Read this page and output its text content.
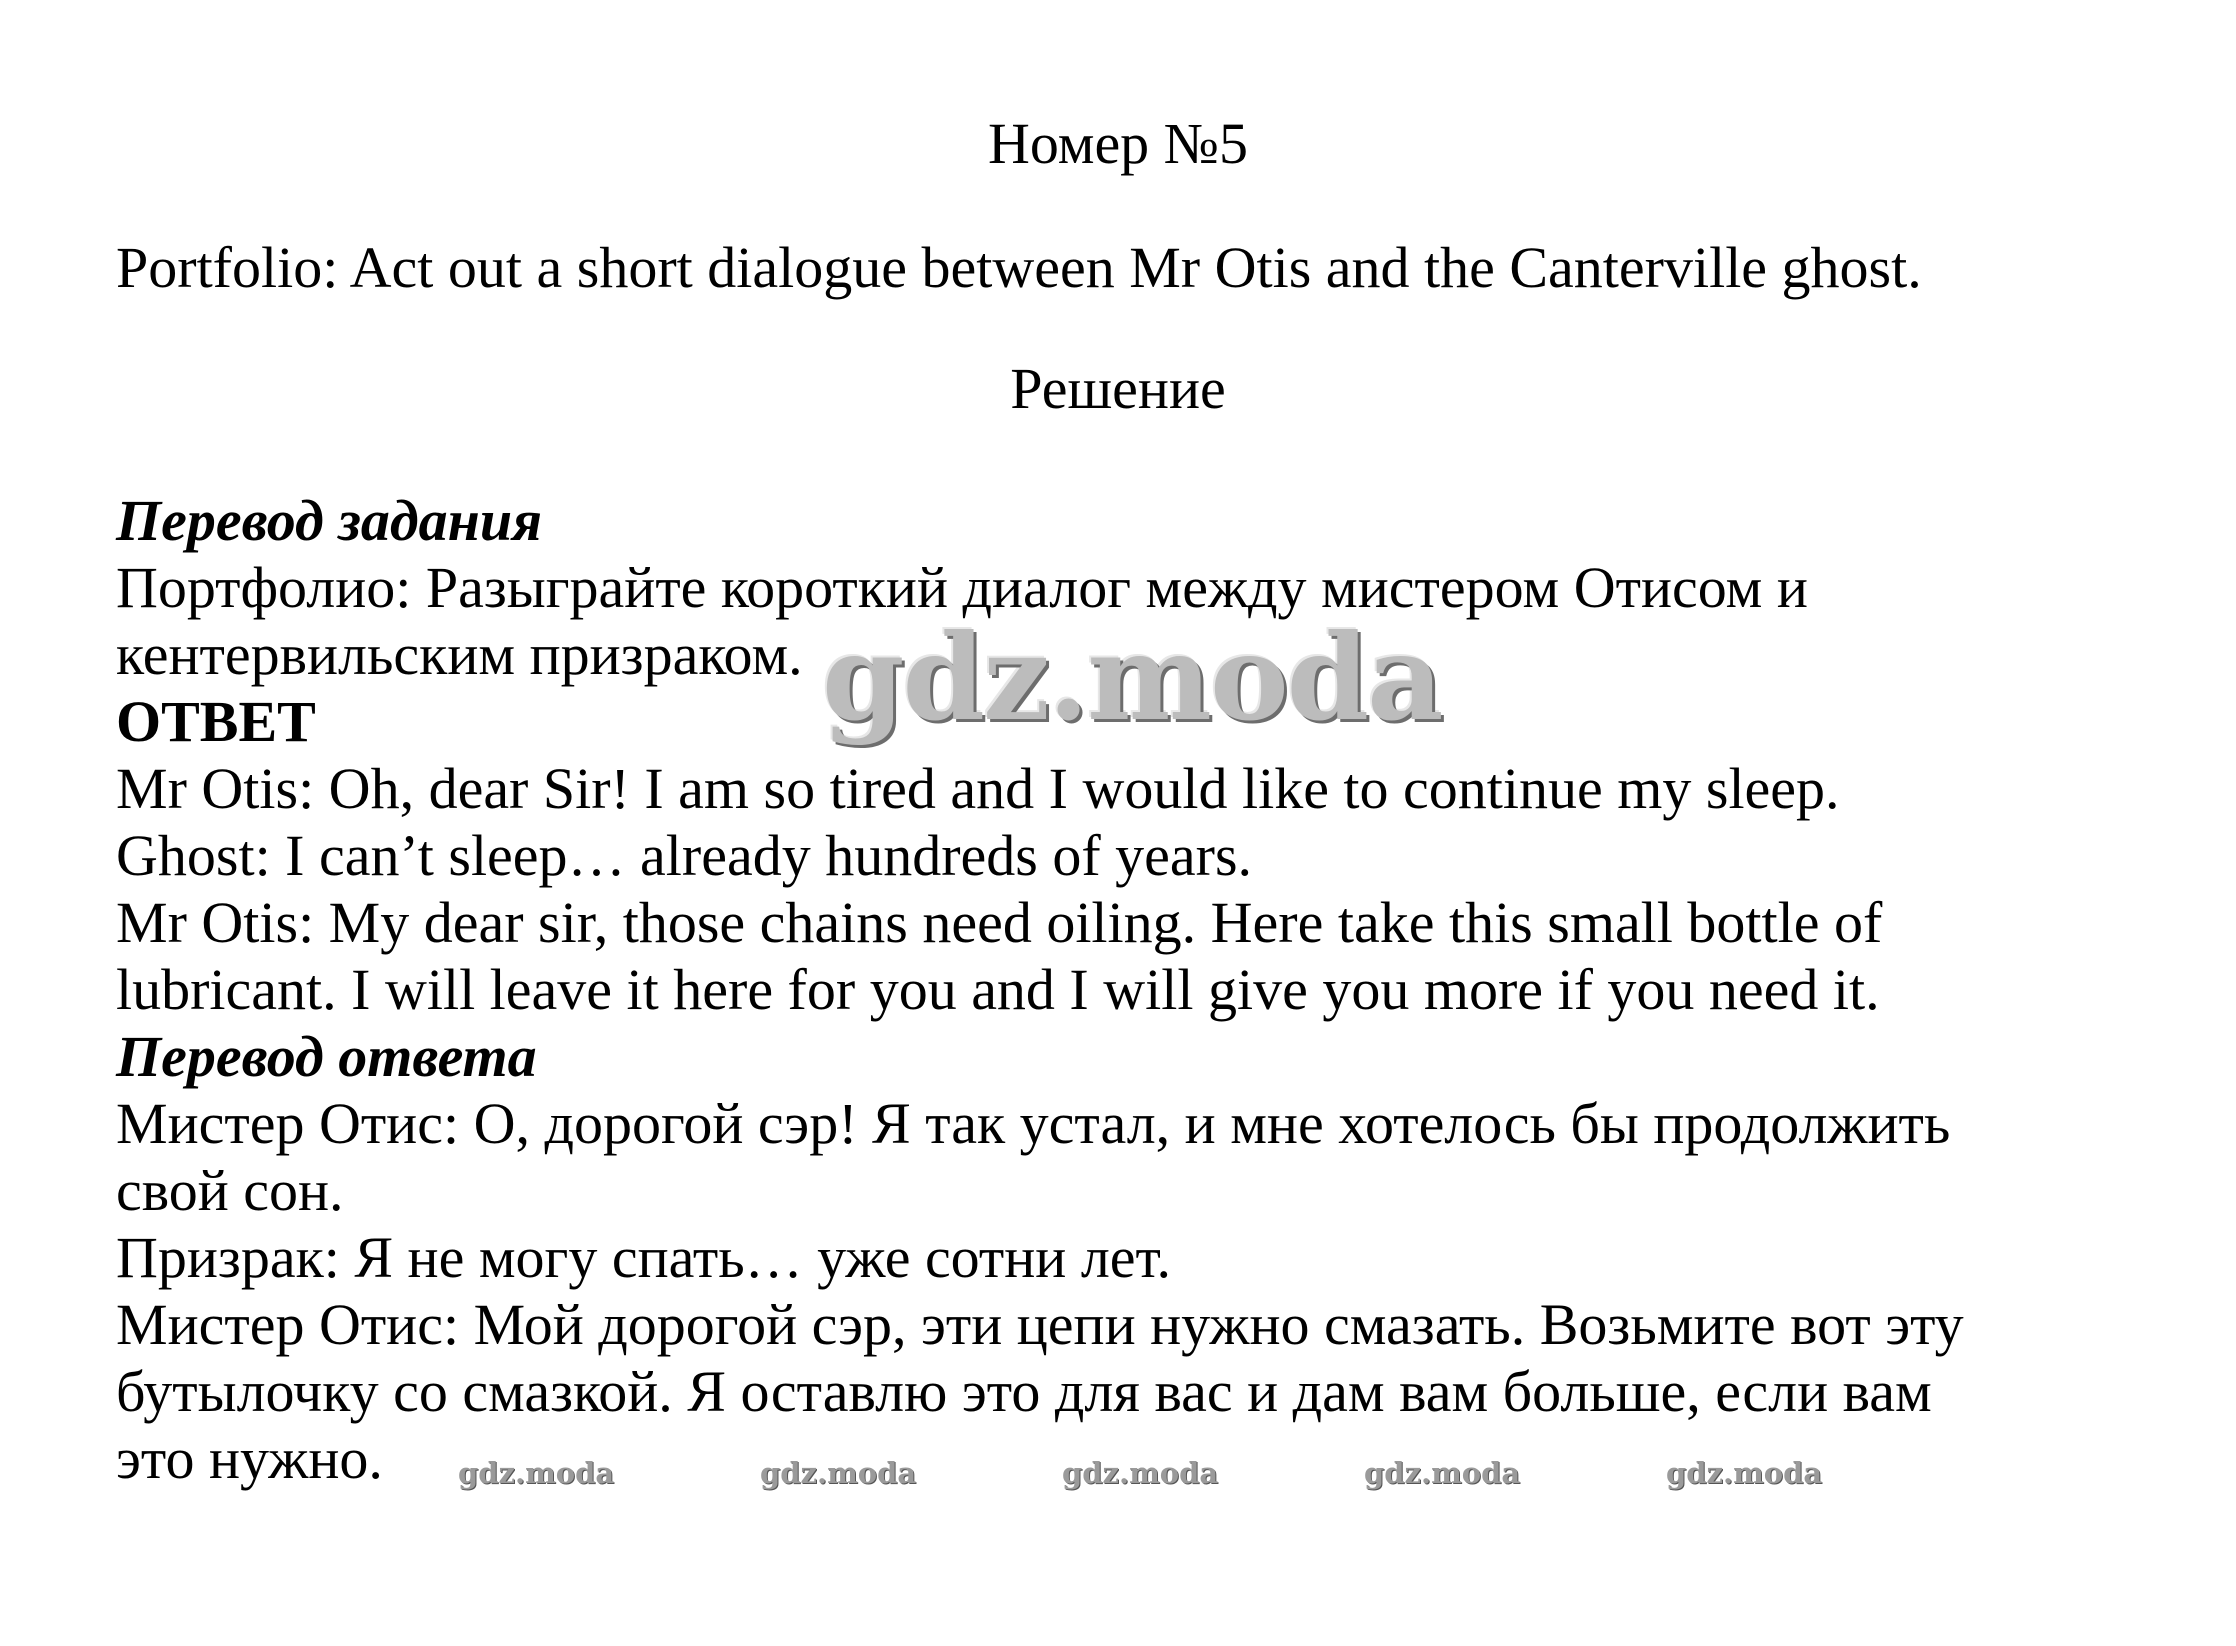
Номер №5
Portfolio: Act out a short dialogue between Mr Otis and the Canterville ghost.
Решение

Перевод задания

Портфолио: Разыграйте короткий диалог между мистером Отисом и

кентервильским призраком.

ОТВЕТ

Mr Otis: Oh, dear Sir! I am so tired and I would like to continue my sleep.

Ghost: I can’t sleep… already hundreds of years.

Mr Otis: My dear sir, those chains need oiling. Here take this small bottle of

lubricant. I will leave it here for you and I will give you more if you need it.

Перевод ответа

Мистер Отис: О, дорогой сэр! Я так устал, и мне хотелось бы продолжить

свой сон.

Призрак: Я не могу спать… уже сотни лет.

Мистер Отис: Мой дорогой сэр, эти цепи нужно смазать. Возьмите вот эту

бутылочку со смазкой. Я оставлю это для вас и дам вам больше, если вам

это нужно.

gdz.moda
gdz.moda	gdz.moda	gdz.moda	gdz.moda	gdz.moda
